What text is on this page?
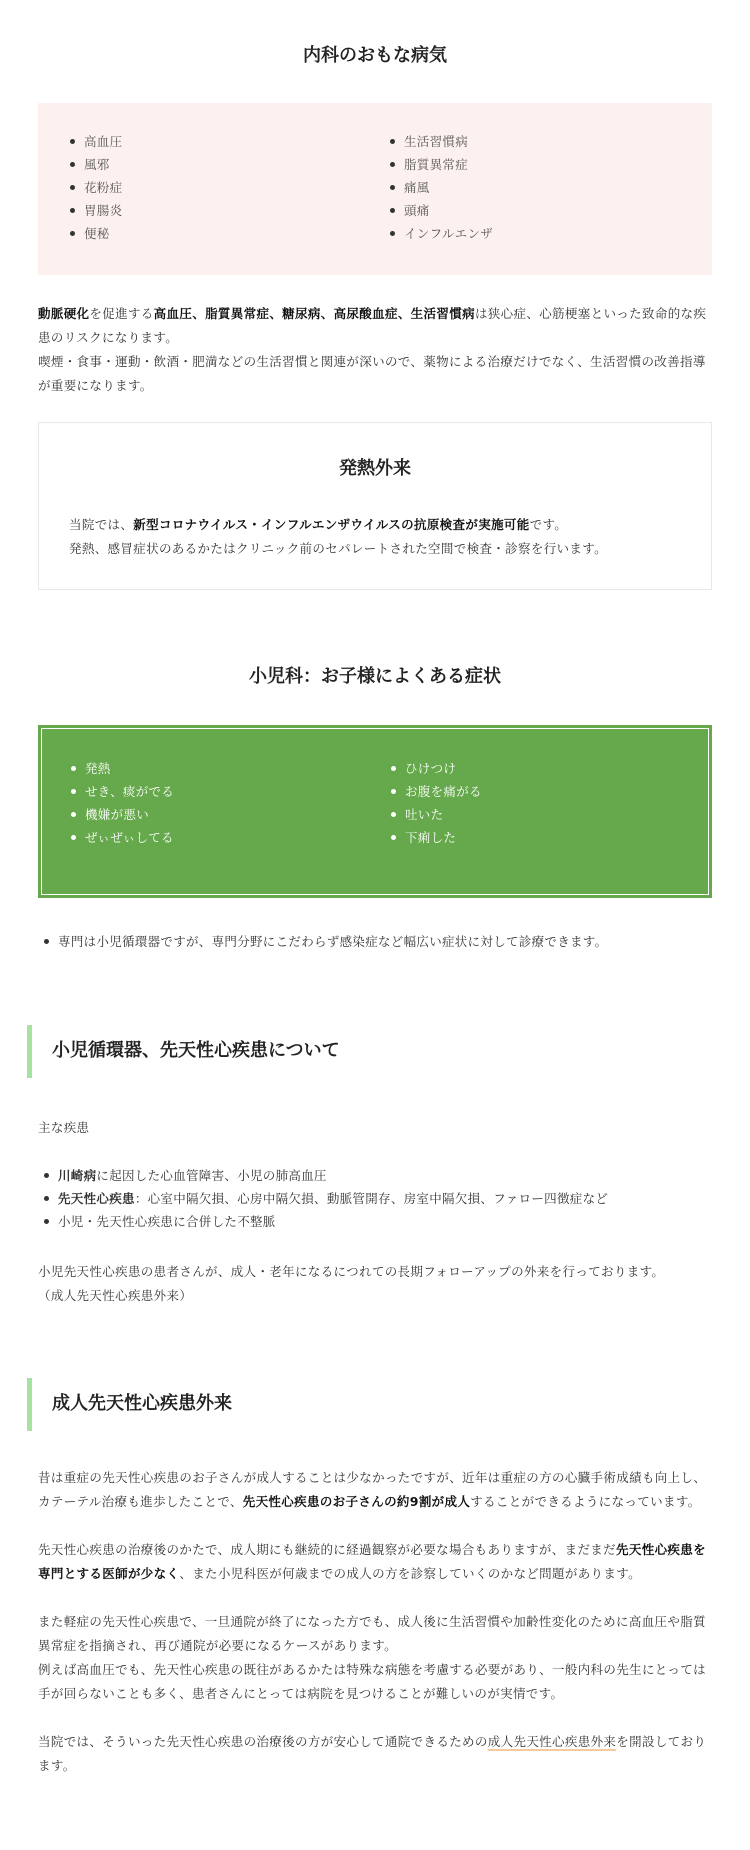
内科のおもな病気
高血圧
風邪
花粉症
胃腸炎
便秘
生活習慣病
脂質異常症
痛風
頭痛
インフルエンザ

動脈硬化を促進する高血圧、脂質異常症、糖尿病、高尿酸血症、生活習慣病は狭心症、心筋梗塞といった致命的な疾患のリスクになります。

喫煙・食事・運動・飲酒・肥満などの生活習慣と関連が深いので、薬物による治療だけでなく、生活習慣の改善指導が重要になります。

発熱外来

当院では、新型コロナウイルス・インフルエンザウイルスの抗原検査が実施可能です。

発熱、感冒症状のあるかたはクリニック前のセパレートされた空間で検査・診察を行います。

小児科：お子様によくある症状
発熱
せき、痰がでる
機嫌が悪い
ぜぃぜぃしてる
ひけつけ
お腹を痛がる
吐いた
下痢した
専門は小児循環器ですが、専門分野にこだわらず感染症など幅広い症状に対して診療できます。
小児循環器、先天性心疾患について
主な疾患
川崎病に起因した心血管障害、小児の肺高血圧
先天性心疾患：心室中隔欠損、心房中隔欠損、動脈管開存、房室中隔欠損、ファロー四徴症など
小児・先天性心疾患に合併した不整脈

小児先天性心疾患の患者さんが、成人・老年になるにつれての長期フォローアップの外来を行っております。

（成人先天性心疾患外来）

成人先天性心疾患外来

昔は重症の先天性心疾患のお子さんが成人することは少なかったですが、近年は重症の方の心臓手術成績も向上し、カテーテル治療も進歩したことで、先天性心疾患のお子さんの約9割が成人することができるようになっています。

先天性心疾患の治療後のかたで、成人期にも継続的に経過観察が必要な場合もありますが、まだまだ先天性心疾患を専門とする医師が少なく、また小児科医が何歳までの成人の方を診察していくのかなど問題があります。

また軽症の先天性心疾患で、一旦通院が終了になった方でも、成人後に生活習慣や加齢性変化のために高血圧や脂質異常症を指摘され、再び通院が必要になるケースがあります。

例えば高血圧でも、先天性心疾患の既往があるかたは特殊な病態を考慮する必要があり、一般内科の先生にとっては手が回らないことも多く、患者さんにとっては病院を見つけることが難しいのが実情です。

当院では、そういった先天性心疾患の治療後の方が安心して通院できるための成人先天性心疾患外来を開設しております。
